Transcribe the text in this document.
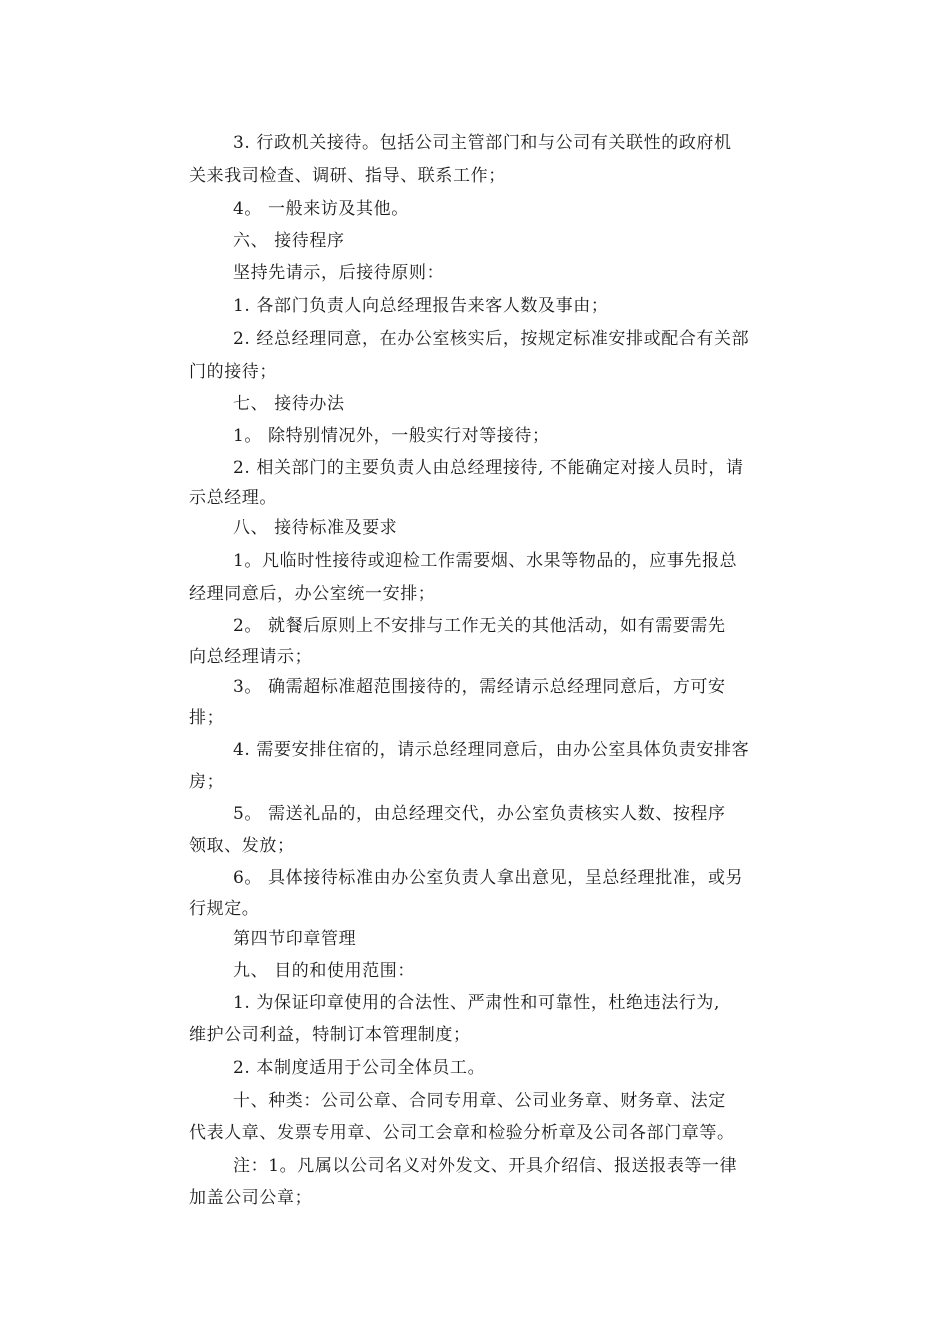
3. 行政机关接待。包括公司主管部门和与公司有关联性的政府机
关来我司检查、调研、指导、联系工作；
4。 一般来访及其他。
六、 接待程序
坚持先请示，后接待原则：
1. 各部门负责人向总经理报告来客人数及事由；
2. 经总经理同意，在办公室核实后，按规定标准安排或配合有关部
门的接待；
七、 接待办法
1。 除特别情况外，一般实行对等接待；
2. 相关部门的主要负责人由总经理接待, 不能确定对接人员时，请
示总经理。
八、 接待标准及要求
1。凡临时性接待或迎检工作需要烟、水果等物品的，应事先报总
经理同意后，办公室统一安排；
2。 就餐后原则上不安排与工作无关的其他活动，如有需要需先
向总经理请示；
3。 确需超标准超范围接待的，需经请示总经理同意后，方可安
排；
4. 需要安排住宿的，请示总经理同意后，由办公室具体负责安排客
房；
5。 需送礼品的，由总经理交代，办公室负责核实人数、按程序
领取、发放；
6。 具体接待标准由办公室负责人拿出意见，呈总经理批准，或另
行规定。
第四节印章管理
九、 目的和使用范围：
1. 为保证印章使用的合法性、严肃性和可靠性，杜绝违法行为,
维护公司利益，特制订本管理制度；
2. 本制度适用于公司全体员工。
十、种类：公司公章、合同专用章、公司业务章、财务章、法定
代表人章、发票专用章、公司工会章和检验分析章及公司各部门章等。
注：1。凡属以公司名义对外发文、开具介绍信、报送报表等一律
加盖公司公章；
